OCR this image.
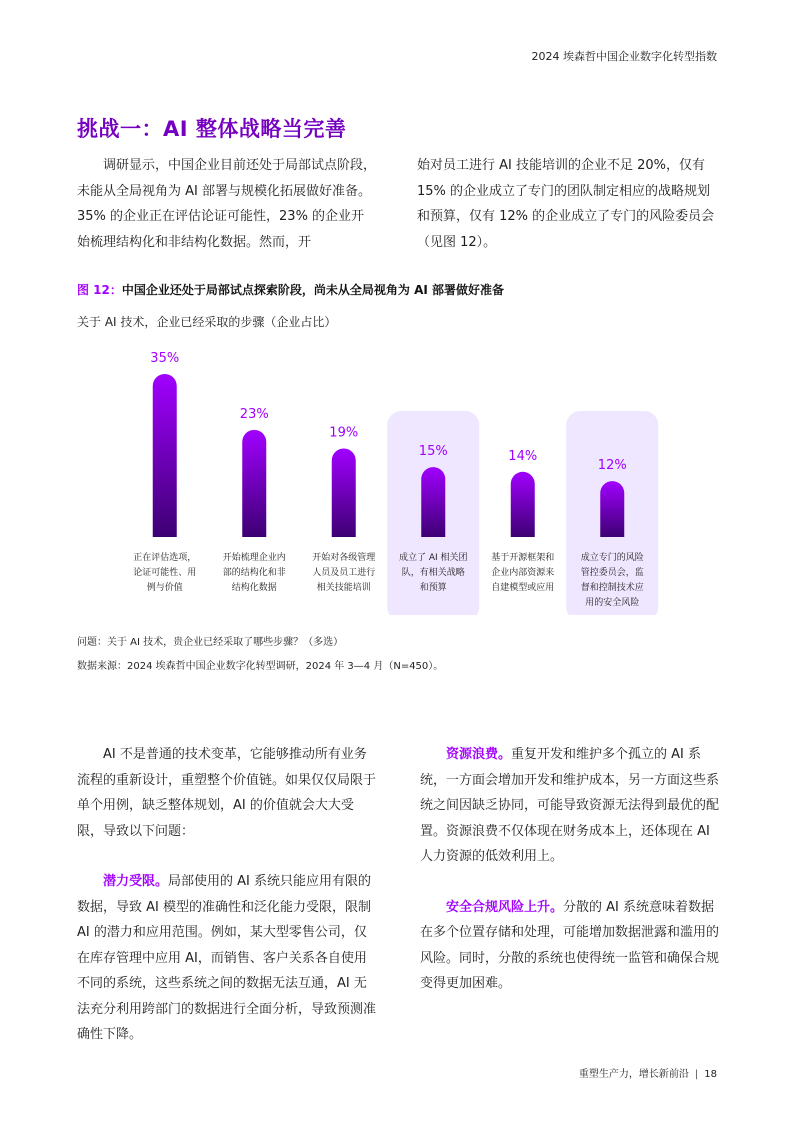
2024 埃森哲中国企业数字化转型指数
挑战一：AI 整体战略当完善

调研显示，中国企业目前还处于局部试点阶段，未能从全局视角为 AI 部署与规模化拓展做好准备。35% 的企业正在评估论证可能性，23% 的企业开始梳理结构化和非结构化数据。然而，开

始对员工进行 AI 技能培训的企业不足 20%，仅有 15% 的企业成立了专门的团队制定相应的战略规划和预算，仅有 12% 的企业成立了专门的风险委员会（见图 12）。

图 12：中国企业还处于局部试点探索阶段，尚未从全局视角为 AI 部署做好准备
关于 AI 技术，企业已经采取的步骤（企业占比）
35%
23%
19%
15%	14%
12%
正在评估选项，
论证可能性、用
例与价值
开始梳理企业内
部的结构化和非
结构化数据
开始对各级管理
人员及员工进行
相关技能培训
成立了 AI 相关团
队，有相关战略
和预算
基于开源框架和
企业内部资源来
自建模型或应用
成立专门的风险
管控委员会，监
督和控制技术应
用的安全风险
问题：关于 AI 技术，贵企业已经采取了哪些步骤？（多选）
数据来源：2024 埃森哲中国企业数字化转型调研，2024 年 3—4 月（N=450）。

AI 不是普通的技术变革，它能够推动所有业务流程的重新设计，重塑整个价值链。如果仅仅局限于单个用例，缺乏整体规划，AI 的价值就会大大受限，导致以下问题：

潜力受限。局部使用的 AI 系统只能应用有限的数据，导致 AI 模型的准确性和泛化能力受限，限制 AI 的潜力和应用范围。例如，某大型零售公司，仅在库存管理中应用 AI，而销售、客户关系各自使用不同的系统，这些系统之间的数据无法互通，AI 无法充分利用跨部门的数据进行全面分析，导致预测准确性下降。

资源浪费。重复开发和维护多个孤立的 AI 系统，一方面会增加开发和维护成本，另一方面这些系统之间因缺乏协同，可能导致资源无法得到最优的配置。资源浪费不仅体现在财务成本上，还体现在 AI 人力资源的低效利用上。

安全合规风险上升。分散的 AI 系统意味着数据在多个位置存储和处理，可能增加数据泄露和滥用的风险。同时，分散的系统也使得统一监管和确保合规变得更加困难。

重塑生产力，增长新前沿 | 18
